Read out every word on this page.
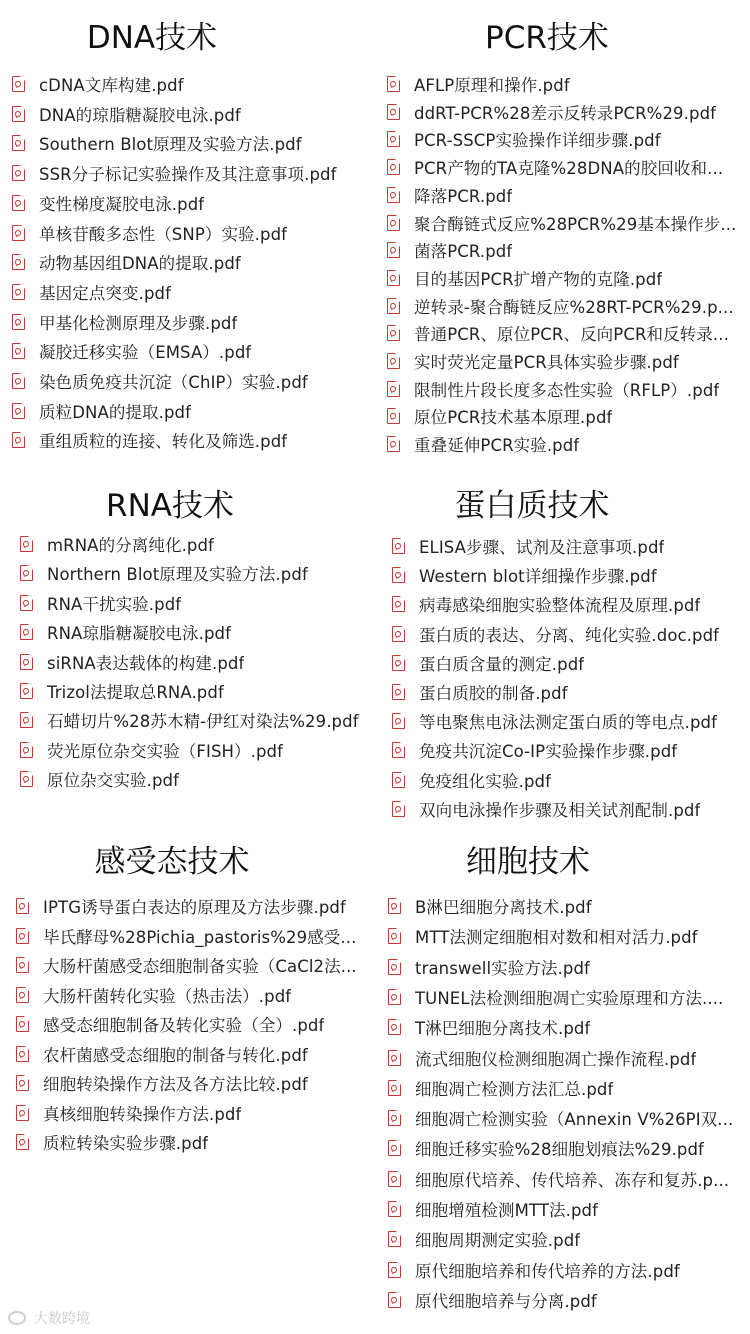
DNA技术
cDNA文库构建.pdf
DNA的琼脂糖凝胶电泳.pdf
Southern Blot原理及实验方法.pdf
SSR分子标记实验操作及其注意事项.pdf
变性梯度凝胶电泳.pdf
单核苷酸多态性（SNP）实验.pdf
动物基因组DNA的提取.pdf
基因定点突变.pdf
甲基化检测原理及步骤.pdf
凝胶迁移实验（EMSA）.pdf
染色质免疫共沉淀（ChIP）实验.pdf
质粒DNA的提取.pdf
重组质粒的连接、转化及筛选.pdf
PCR技术
AFLP原理和操作.pdf
ddRT-PCR%28差示反转录PCR%29.pdf
PCR-SSCP实验操作详细步骤.pdf
PCR产物的TA克隆%28DNA的胶回收和...
降落PCR.pdf
聚合酶链式反应%28PCR%29基本操作步...
菌落PCR.pdf
目的基因PCR扩增产物的克隆.pdf
逆转录-聚合酶链反应%28RT-PCR%29.p...
普通PCR、原位PCR、反向PCR和反转录...
实时荧光定量PCR具体实验步骤.pdf
限制性片段长度多态性实验（RFLP）.pdf
原位PCR技术基本原理.pdf
重叠延伸PCR实验.pdf
RNA技术
mRNA的分离纯化.pdf
Northern Blot原理及实验方法.pdf
RNA干扰实验.pdf
RNA琼脂糖凝胶电泳.pdf
siRNA表达载体的构建.pdf
Trizol法提取总RNA.pdf
石蜡切片%28苏木精-伊红对染法%29.pdf
荧光原位杂交实验（FISH）.pdf
原位杂交实验.pdf
蛋白质技术
ELISA步骤、试剂及注意事项.pdf
Western blot详细操作步骤.pdf
病毒感染细胞实验整体流程及原理.pdf
蛋白质的表达、分离、纯化实验.doc.pdf
蛋白质含量的测定.pdf
蛋白质胶的制备.pdf
等电聚焦电泳法测定蛋白质的等电点.pdf
免疫共沉淀Co-IP实验操作步骤.pdf
免疫组化实验.pdf
双向电泳操作步骤及相关试剂配制.pdf
感受态技术
IPTG诱导蛋白表达的原理及方法步骤.pdf
毕氏酵母%28Pichia_pastoris%29感受...
大肠杆菌感受态细胞制备实验（CaCl2法...
大肠杆菌转化实验（热击法）.pdf
感受态细胞制备及转化实验（全）.pdf
农杆菌感受态细胞的制备与转化.pdf
细胞转染操作方法及各方法比较.pdf
真核细胞转染操作方法.pdf
质粒转染实验步骤.pdf
细胞技术
B淋巴细胞分离技术.pdf
MTT法测定细胞相对数和相对活力.pdf
transwell实验方法.pdf
TUNEL法检测细胞凋亡实验原理和方法....
T淋巴细胞分离技术.pdf
流式细胞仪检测细胞凋亡操作流程.pdf
细胞凋亡检测方法汇总.pdf
细胞凋亡检测实验（Annexin V%26PI双...
细胞迁移实验%28细胞划痕法%29.pdf
细胞原代培养、传代培养、冻存和复苏.p...
细胞增殖检测MTT法.pdf
细胞周期测定实验.pdf
原代细胞培养和传代培养的方法.pdf
原代细胞培养与分离.pdf
大数跨境
